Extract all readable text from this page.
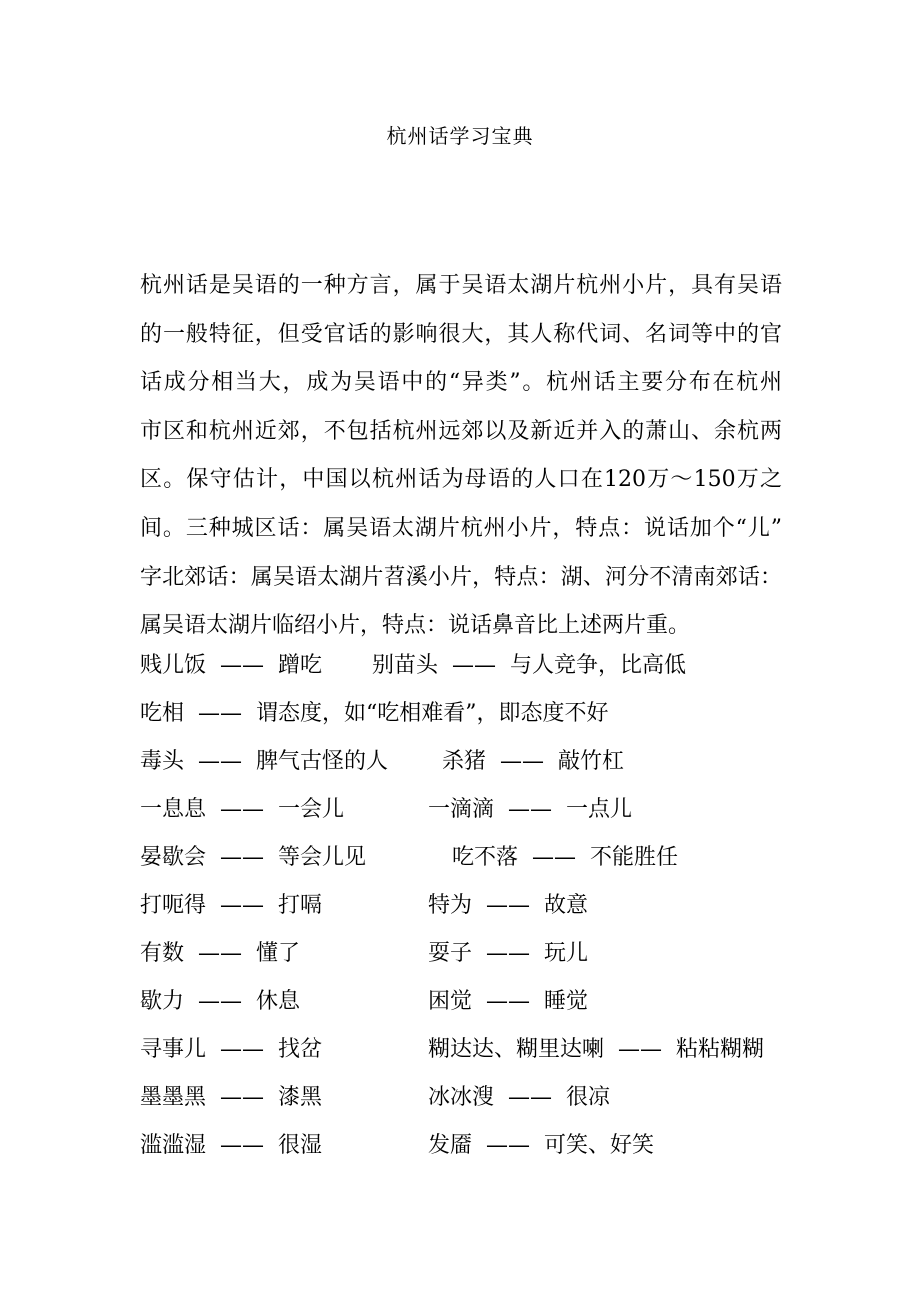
杭州话学习宝典
杭州话是吴语的一种方言，属于吴语太湖片杭州小片，具有吴语
的一般特征，但受官话的影响很大，其人称代词、名词等中的官
话成分相当大，成为吴语中的“异类”。杭州话主要分布在杭州
市区和杭州近郊，不包括杭州远郊以及新近并入的萧山、余杭两
区。保守估计，中国以杭州话为母语的人口在120万～150万之
间。三种城区话：属吴语太湖片杭州小片，特点：说话加个“儿”
字北郊话：属吴语太湖片苕溪小片，特点：湖、河分不清南郊话：
属吴语太湖片临绍小片，特点：说话鼻音比上述两片重。
贱儿饭  ——  蹭吃 别苗头  ——  与人竞争，比高低
吃相  ——  谓态度，如“吃相难看”，即态度不好
毒头  ——  脾气古怪的人 杀猪  ——  敲竹杠
一息息  ——  一会儿	一滴滴  ——  一点儿
晏歇会  ——  等会儿见	吃不落  ——  不能胜任
打呃得  ——  打嗝	特为  ——  故意
有数  ——  懂了	耍子  ——  玩儿
歇力  ——  休息	困觉  ——  睡觉
寻事儿  ——  找岔	糊达达、糊里达喇  ——  粘粘糊糊
墨墨黑  ——  漆黑	冰冰溲  ——  很凉
滥滥湿  ——  很湿	发靥  ——  可笑、好笑
